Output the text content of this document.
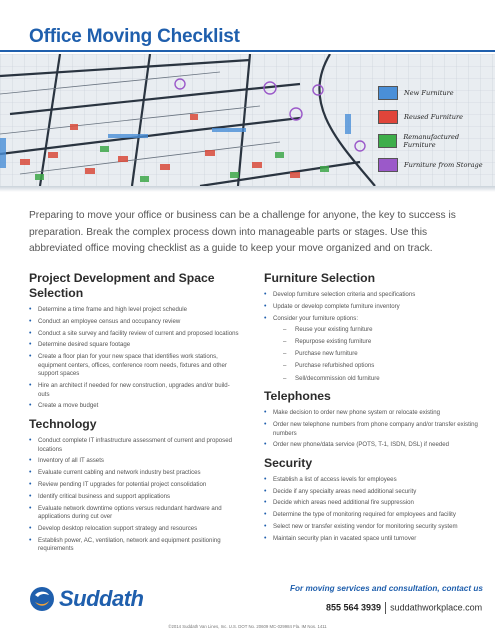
Office Moving Checklist
New Furniture
Reused Furniture
Remanufactured Furniture
Furniture from Storage
Preparing to move your office or business can be a challenge for anyone, the key to success is preparation. Break the complex process down into manageable parts or stages. Use this abbreviated office moving checklist as a guide to keep your move organized and on track.
Project Development and Space Selection
• Determine a time frame and high level project schedule
• Conduct an employee census and occupancy review
• Conduct a site survey and facility review of current and proposed locations
• Determine desired square footage
• Create a floor plan for your new space that identifies work stations, equipment centers, offices, conference room needs, fixtures and other support spaces
• Hire an architect if needed for new construction, upgrades and/or build-outs
• Create a move budget
Technology
• Conduct complete IT infrastructure assessment of current and proposed locations
• Inventory of all IT assets
• Evaluate current cabling and network industry best practices
• Review pending IT upgrades for potential project consolidation
• Identify critical business and support applications
• Evaluate network downtime options versus redundant hardware and applications during cut over
• Develop desktop relocation support strategy and resources
• Establish power, AC, ventilation, network and equipment positioning requirements
Furniture Selection
• Develop furniture selection criteria and specifications
• Update or develop complete furniture inventory
• Consider your furniture options:
– Reuse your existing furniture
– Repurpose existing furniture
– Purchase new furniture
– Purchase refurbished options
– Sell/decommission old furniture
Telephones
• Make decision to order new phone system or relocate existing
• Order new telephone numbers from phone company and/or transfer existing numbers
• Order new phone/data service (POTS, T-1, ISDN, DSL) if needed
Security
• Establish a list of access levels for employees
• Decide if any specialty areas need additional security
• Decide which areas need additional fire suppression
• Determine the type of monitoring required for employees and facility
• Select new or transfer existing vendor for monitoring security system
• Maintain security plan in vacated space until turnover
Suddath	For moving services and consultation, contact us
855 564 3939 suddathworkplace.com
©2014 Suddath Van Lines, Inc. U.S. DOT No. 20609 MC-029984 Fla. IM Nos. 1411
